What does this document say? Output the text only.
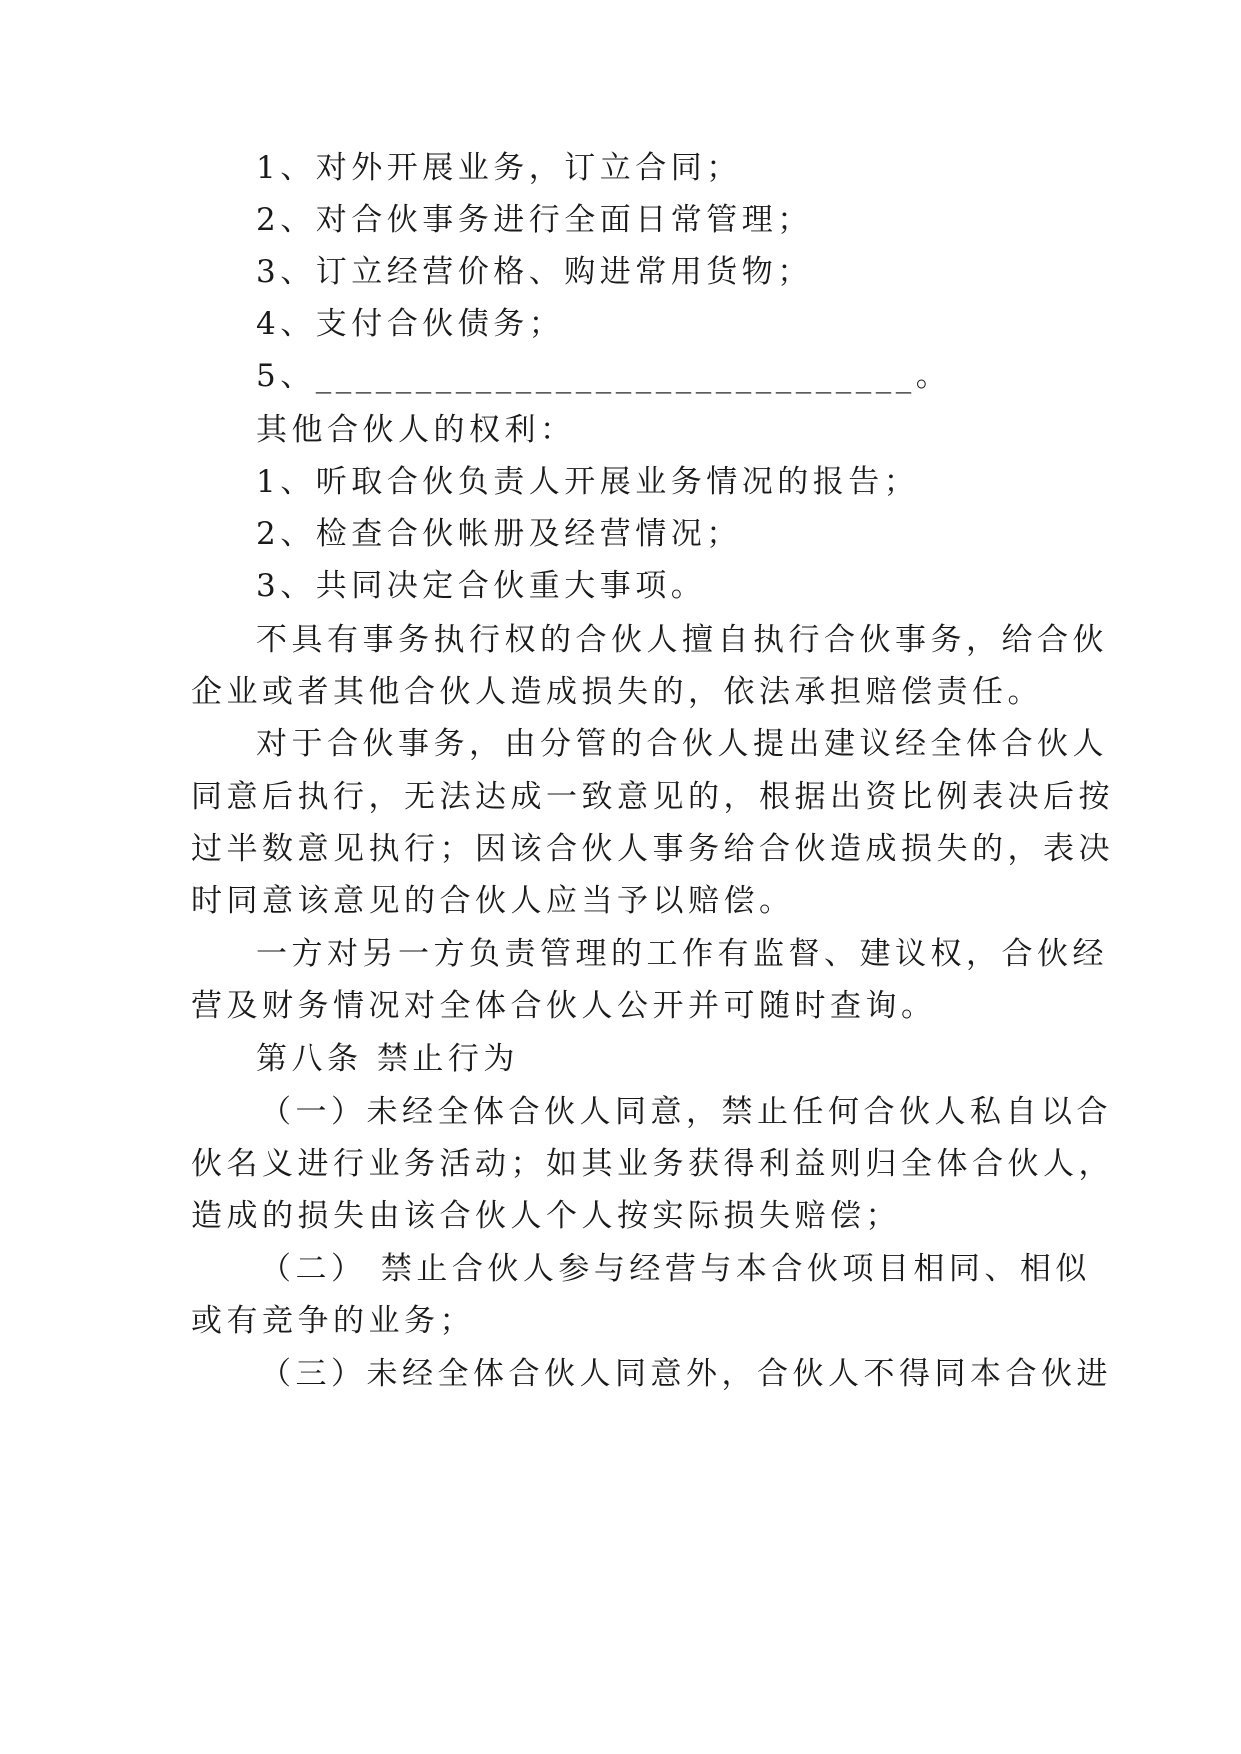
1、对外开展业务，订立合同；
2、对合伙事务进行全面日常管理；
3、订立经营价格、购进常用货物；
4、支付合伙债务；
5、______________________________。
其他合伙人的权利：
1、听取合伙负责人开展业务情况的报告；
2、检查合伙帐册及经营情况；
3、共同决定合伙重大事项。
不具有事务执行权的合伙人擅自执行合伙事务，给合伙
企业或者其他合伙人造成损失的，依法承担赔偿责任。
对于合伙事务，由分管的合伙人提出建议经全体合伙人
同意后执行，无法达成一致意见的，根据出资比例表决后按
过半数意见执行；因该合伙人事务给合伙造成损失的，表决
时同意该意见的合伙人应当予以赔偿。
一方对另一方负责管理的工作有监督、建议权，合伙经
营及财务情况对全体合伙人公开并可随时查询。
第八条 禁止行为
（一）未经全体合伙人同意，禁止任何合伙人私自以合
伙名义进行业务活动；如其业务获得利益则归全体合伙人，
造成的损失由该合伙人个人按实际损失赔偿；
（二） 禁止合伙人参与经营与本合伙项目相同、相似
或有竞争的业务；
（三）未经全体合伙人同意外，合伙人不得同本合伙进
